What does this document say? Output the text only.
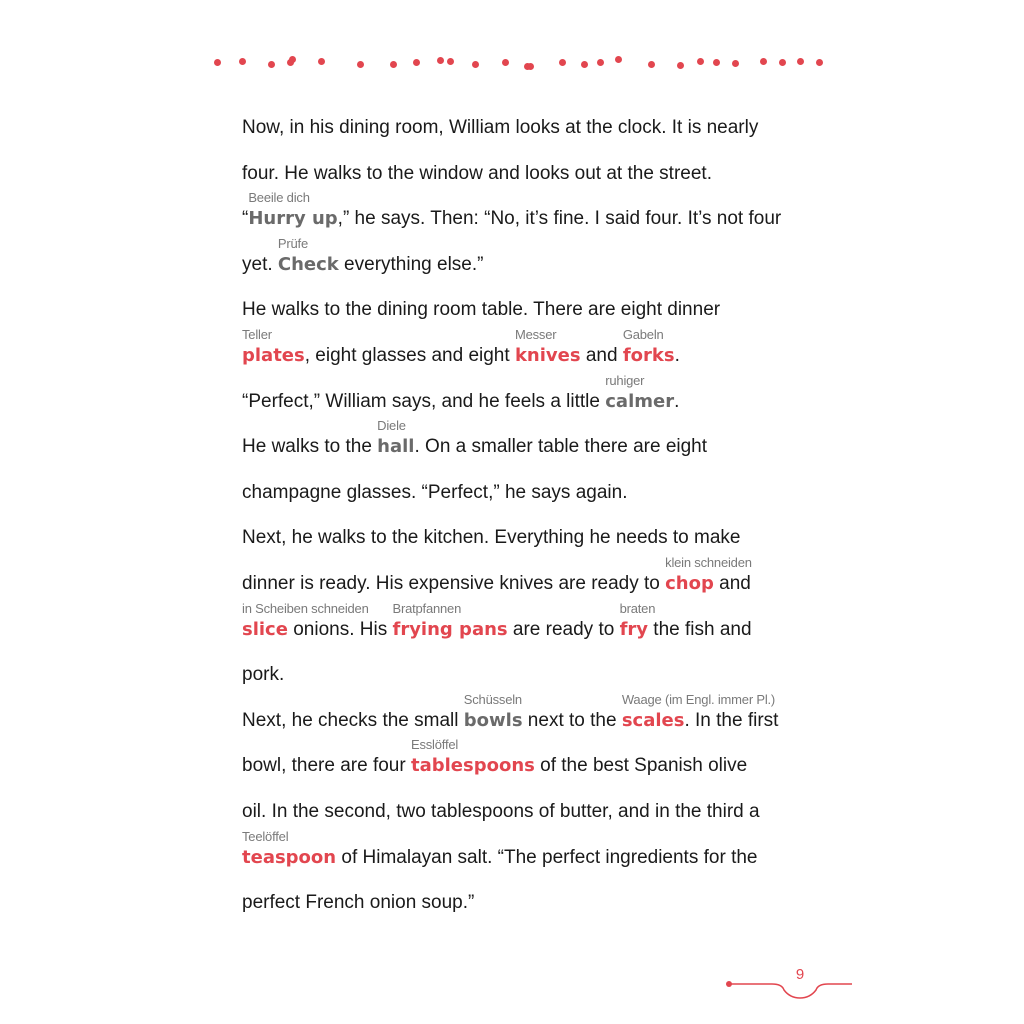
Now, in his dining room, William looks at the clock. It is nearly
four. He walks to the window and looks out at the street.
“
Beeile dich
Hurry up,” he says. Then: “No, it’s fine. I said four. It’s not four
yet.
Prüfe
Check everything else.”
He walks to the dining room table. There are eight dinner
Teller
plates, eight glasses and eight
Messer
knives and
Gabeln
forks.
“Perfect,” William says, and he feels a little
ruhiger
calmer.
He walks to the
Diele
hall. On a smaller table there are eight
champagne glasses. “Perfect,” he says again.
Next, he walks to the kitchen. Everything he needs to make
dinner is ready. His expensive knives are ready to
klein schneiden
chop and
in Scheiben schneiden
slice onions. His
Bratpfannen
frying pans are ready to
braten
fry the fish and
pork.
Next, he checks the small
Schüsseln
bowls next to the
Waage (im Engl. immer Pl.)
scales. In the first
bowl, there are four
Esslöffel
tablespoons of the best Spanish olive
oil. In the second, two tablespoons of butter, and in the third a
Teelöffel
teaspoon of Himalayan salt. “The perfect ingredients for the
perfect French onion soup.”
9
